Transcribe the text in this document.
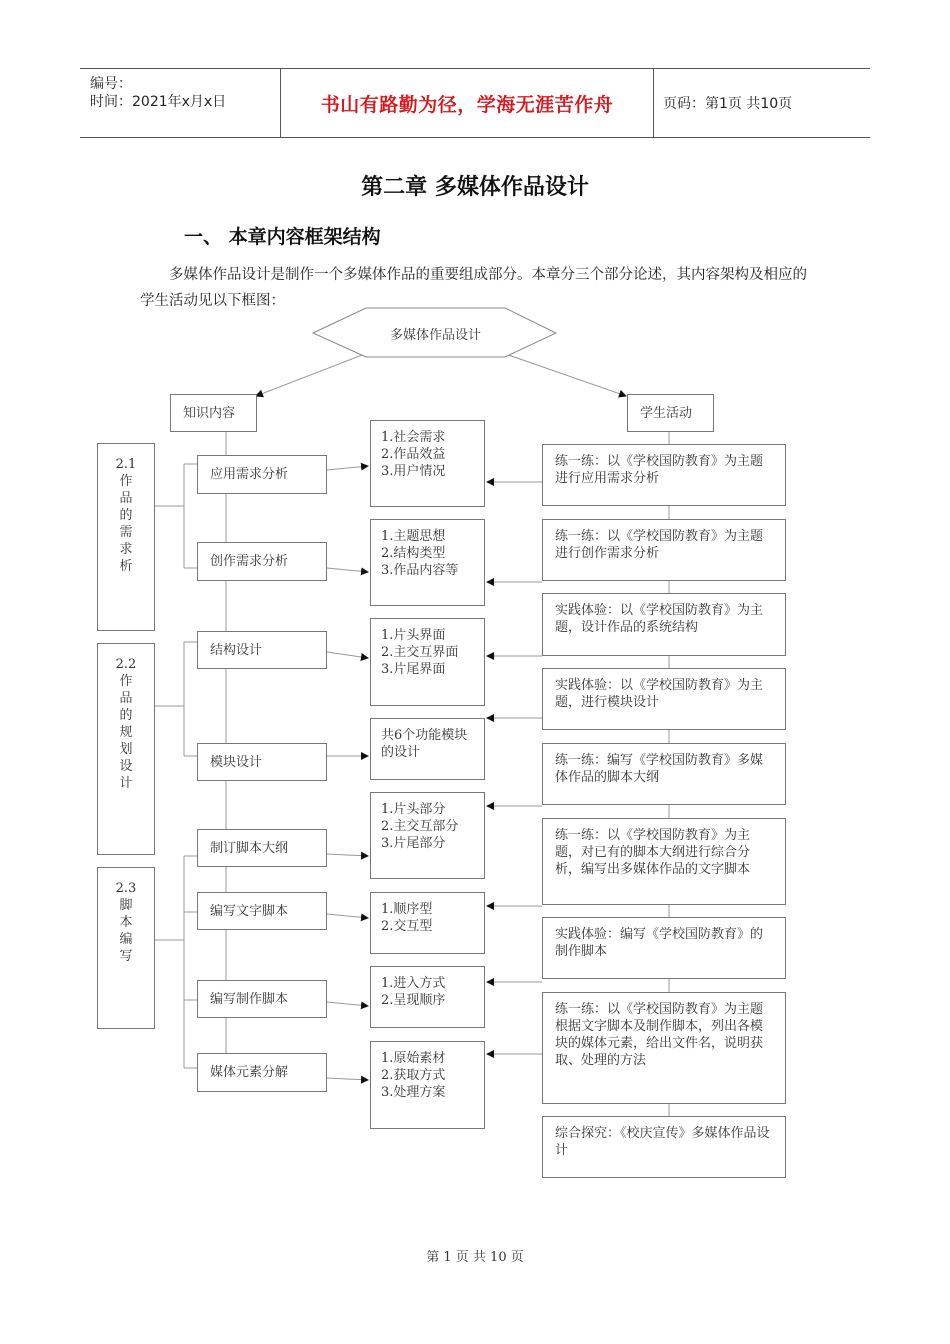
编号：
时间：2021年x月x日	书山有路勤为径，学海无涯苦作舟	页码：第1页 共10页
第二章 多媒体作品设计
一、 本章内容框架结构
多媒体作品设计是制作一个多媒体作品的重要组成部分。本章分三个部分论述，其内容架构及相应的学生活动见以下框图：
多媒体作品设计
知识内容	学生活动
2.1
作品的需求析
2.2
作品的规划设计
2.3
脚本编写
应用需求分析
创作需求分析
结构设计
模块设计
制订脚本大纲
编写文字脚本
编写制作脚本
媒体元素分解
1.社会需求
2.作品效益
3.用户情况
1.主题思想
2.结构类型
3.作品内容等
1.片头界面
2.主交互界面
3.片尾界面
共6个功能模块的设计
1.片头部分
2.主交互部分
3.片尾部分
1.顺序型
2.交互型
1.进入方式
2.呈现顺序
1.原始素材
2.获取方式
3.处理方案
练一练：以《学校国防教育》为主题进行应用需求分析
练一练：以《学校国防教育》为主题进行创作需求分析
实践体验：以《学校国防教育》为主题，设计作品的系统结构
实践体验：以《学校国防教育》为主题，进行模块设计
练一练：编写《学校国防教育》多媒体作品的脚本大纲
练一练：以《学校国防教育》为主题，对已有的脚本大纲进行综合分析，编写出多媒体作品的文字脚本
实践体验：编写《学校国防教育》的制作脚本
练一练：以《学校国防教育》为主题根据文字脚本及制作脚本，列出各模块的媒体元素，给出文件名，说明获取、处理的方法
综合探究：《校庆宣传》多媒体作品设计
第 1 页 共 10 页
